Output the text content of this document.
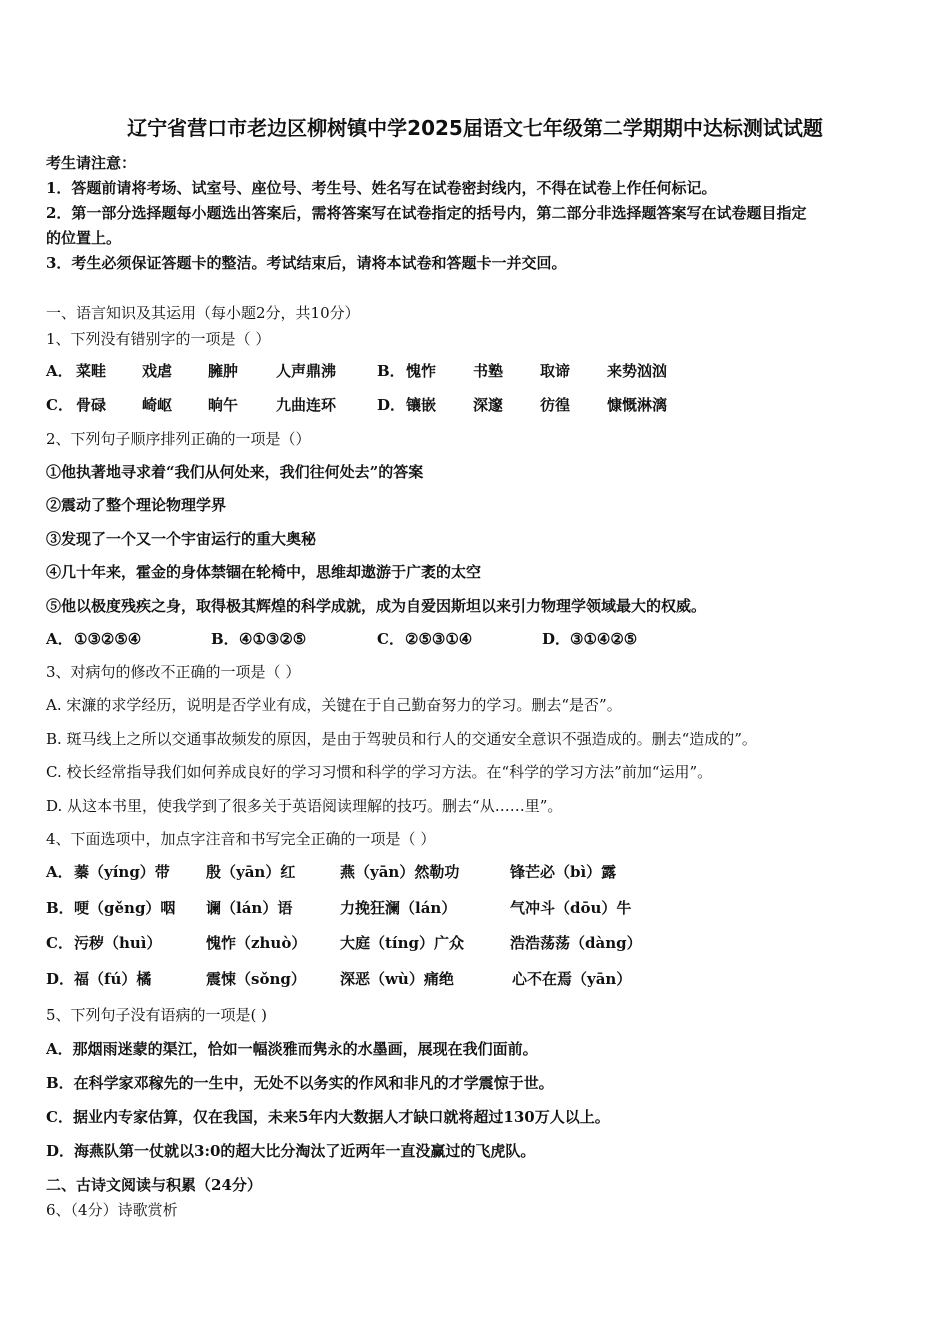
辽宁省营口市老边区柳树镇中学2025届语文七年级第二学期期中达标测试试题
考生请注意：
1．答题前请将考场、试室号、座位号、考生号、姓名写在试卷密封线内，不得在试卷上作任何标记。
2．第一部分选择题每小题选出答案后，需将答案写在试卷指定的括号内，第二部分非选择题答案写在试卷题目指定
的位置上。
3．考生必须保证答题卡的整洁。考试结束后，请将本试卷和答题卡一并交回。
一、语言知识及其运用（每小题2分，共10分）
1、下列没有错别字的一项是（ ）
A． 菜畦 戏虐 臃肿	人声鼎沸	B． 愧怍 书塾 取谛 来势汹汹
C． 骨碌 崎岖 晌午	九曲连环	D． 镶嵌 深邃 彷徨 慷慨淋漓
2、下列句子顺序排列正确的一项是（）
①他执著地寻求着“我们从何处来，我们往何处去”的答案
②震动了整个理论物理学界
③发现了一个又一个宇宙运行的重大奥秘
④几十年来，霍金的身体禁锢在轮椅中，思维却遨游于广袤的太空
⑤他以极度残疾之身，取得极其辉煌的科学成就，成为自爱因斯坦以来引力物理学领域最大的权威。
A． ①③②⑤④	B． ④①③②⑤	C． ②⑤③①④	D． ③①④②⑤
3、对病句的修改不正确的一项是（ ）
A. 宋濂的求学经历，说明是否学业有成，关键在于自己勤奋努力的学习。删去“是否”。
B. 斑马线上之所以交通事故频发的原因，是由于驾驶员和行人的交通安全意识不强造成的。删去“造成的”。
C. 校长经常指导我们如何养成良好的学习习惯和科学的学习方法。在“科学的学习方法”前加“运用”。
D. 从这本书里，使我学到了很多关于英语阅读理解的技巧。删去“从……里”。
4、下面选项中，加点字注音和书写完全正确的一项是（ ）
A． 蓁（yíng）带 殷（yān）红	燕（yān）然勒功	锋芒必（bì）露
B． 哽（gěng）咽 谰（lán）语	力挽狂澜（lán）	气冲斗（dōu）牛
C． 污秽（huì）	愧怍（zhuò） 大庭（tíng）广众	浩浩荡荡（dàng）
D． 福（fú）橘	震悚（sǒng） 深恶（wù）痛绝	心不在焉（yān）
5、下列句子没有语病的一项是( )
A．那烟雨迷蒙的渠江，恰如一幅淡雅而隽永的水墨画，展现在我们面前。
B．在科学家邓稼先的一生中，无处不以务实的作风和非凡的才学震惊于世。
C．据业内专家估算，仅在我国，未来5年内大数据人才缺口就将超过130万人以上。
D．海燕队第一仗就以3:0的超大比分淘汰了近两年一直没赢过的飞虎队。
二、古诗文阅读与积累（24分）
6、（4分）诗歌赏析
